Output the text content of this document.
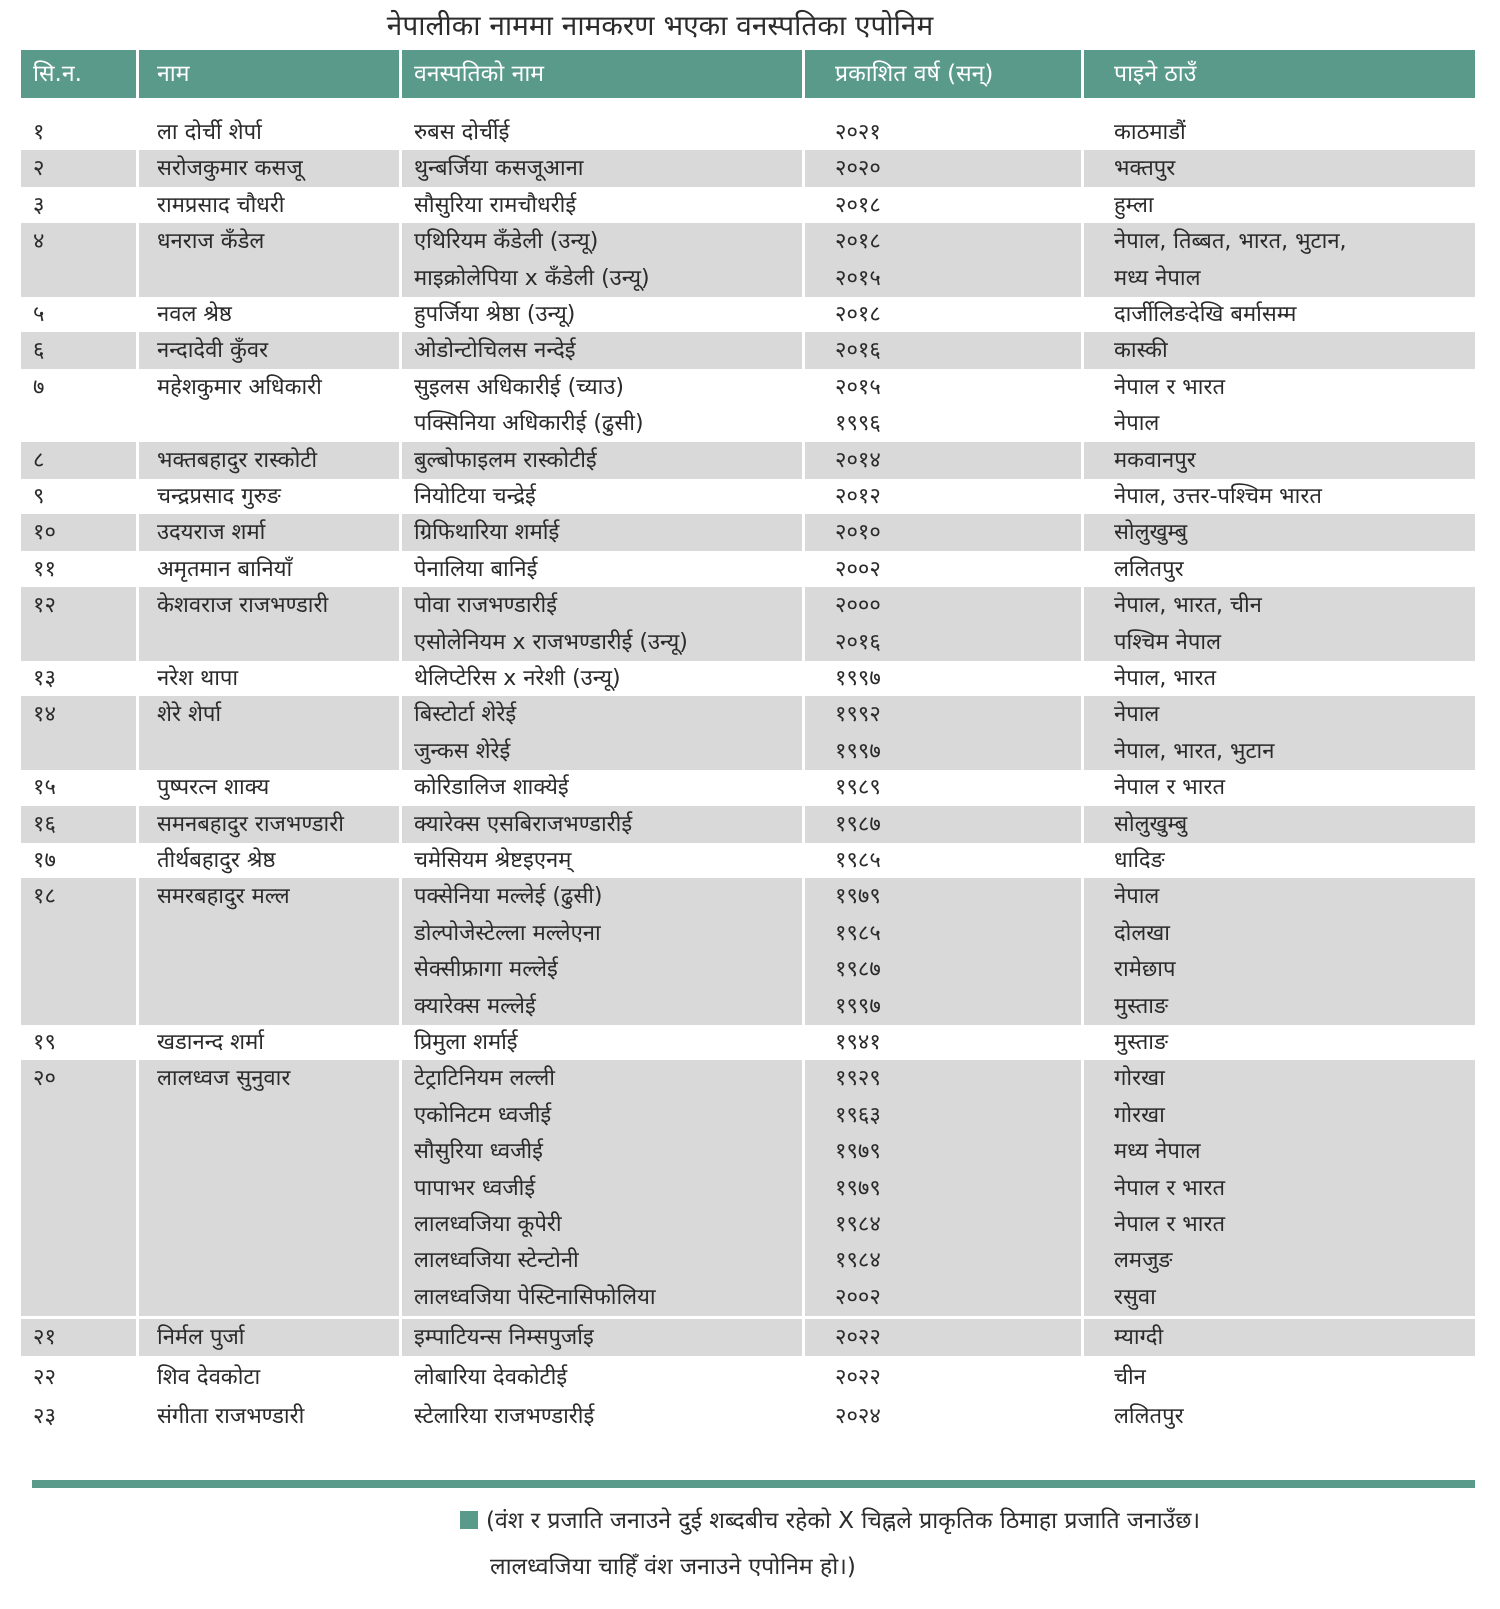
नेपालीका नाममा नामकरण भएका वनस्पतिका एपोनिम
सि.न.	नाम	वनस्पतिको नाम	प्रकाशित वर्ष (सन्)	पाइने ठाउँ
१	ला दोर्ची शेर्पा	रुबस दोर्चीई	२०२१	काठमाडौं
२	सरोजकुमार कसजू	थुन्बर्जिया कसजूआना	२०२०	भक्तपुर
३	रामप्रसाद चौधरी	सौसुरिया रामचौधरीई	२०१८	हुम्ला
४	धनराज कँडेल	एथिरियम कँडेली (उन्यू)	२०१८	नेपाल, तिब्बत, भारत, भुटान,
माइक्रोलेपिया x कँडेली (उन्यू)	२०१५	मध्य नेपाल
५	नवल श्रेष्ठ	हुपर्जिया श्रेष्ठा (उन्यू)	२०१८	दार्जीलिङदेखि बर्मासम्म
६	नन्दादेवी कुँवर	ओडोन्टोचिलस नन्देई	२०१६	कास्की
७	महेशकुमार अधिकारी	सुइलस अधिकारीई (च्याउ)	२०१५	नेपाल र भारत
पक्सिनिया अधिकारीई (ढुसी)	१९९६	नेपाल
८	भक्तबहादुर रास्कोटी	बुल्बोफाइलम रास्कोटीई	२०१४	मकवानपुर
९	चन्द्रप्रसाद गुरुङ	नियोटिया चन्द्रेई	२०१२	नेपाल, उत्तर-पश्चिम भारत
१०	उदयराज शर्मा	ग्रिफिथारिया शर्माई	२०१०	सोलुखुम्बु
११	अमृतमान बानियाँ	पेनालिया बानिई	२००२	ललितपुर
१२	केशवराज राजभण्डारी	पोवा राजभण्डारीई	२०००	नेपाल, भारत, चीन
एसोलेनियम x राजभण्डारीई (उन्यू)	२०१६	पश्चिम नेपाल
१३	नरेश थापा	थेलिप्टेरिस x नरेशी (उन्यू)	१९९७	नेपाल, भारत
१४	शेरे शेर्पा	बिस्टोर्टा शेरेई	१९९२	नेपाल
जुन्कस शेरेई	१९९७	नेपाल, भारत, भुटान
१५	पुष्परत्न शाक्य	कोरिडालिज शाक्येई	१९८९	नेपाल र भारत
१६	समनबहादुर राजभण्डारी	क्यारेक्स एसबिराजभण्डारीई	१९८७	सोलुखुम्बु
१७	तीर्थबहादुर श्रेष्ठ	चमेसियम श्रेष्टइएनम्	१९८५	धादिङ
१८	समरबहादुर मल्ल	पक्सेनिया मल्लेई (ढुसी)	१९७९	नेपाल
डोल्पोजेस्टेल्ला मल्लेएना	१९८५	दोलखा
सेक्सीफ्रागा मल्लेई	१९८७	रामेछाप
क्यारेक्स मल्लेई	१९९७	मुस्ताङ
१९	खडानन्द शर्मा	प्रिमुला शर्माई	१९४१	मुस्ताङ
२०	लालध्वज सुनुवार	टेट्राटिनियम लल्ली	१९२९	गोरखा
एकोनिटम ध्वजीई	१९६३	गोरखा
सौसुरिया ध्वजीई	१९७९	मध्य नेपाल
पापाभर ध्वजीई	१९७९	नेपाल र भारत
लालध्वजिया कूपेरी	१९८४	नेपाल र भारत
लालध्वजिया स्टेन्टोनी	१९८४	लमजुङ
लालध्वजिया पेस्टिनासिफोलिया	२००२	रसुवा
२१	निर्मल पुर्जा	इम्पाटियन्स निम्सपुर्जाइ	२०२२	म्याग्दी
२२	शिव देवकोटा	लोबारिया देवकोटीई	२०२२	चीन
२३	संगीता राजभण्डारी	स्टेलारिया राजभण्डारीई	२०२४	ललितपुर
(वंश र प्रजाति जनाउने दुई शब्दबीच रहेको X चिह्नले प्राकृतिक ठिमाहा प्रजाति जनाउँछ।
लालध्वजिया चाहिँ वंश जनाउने एपोनिम हो।)
